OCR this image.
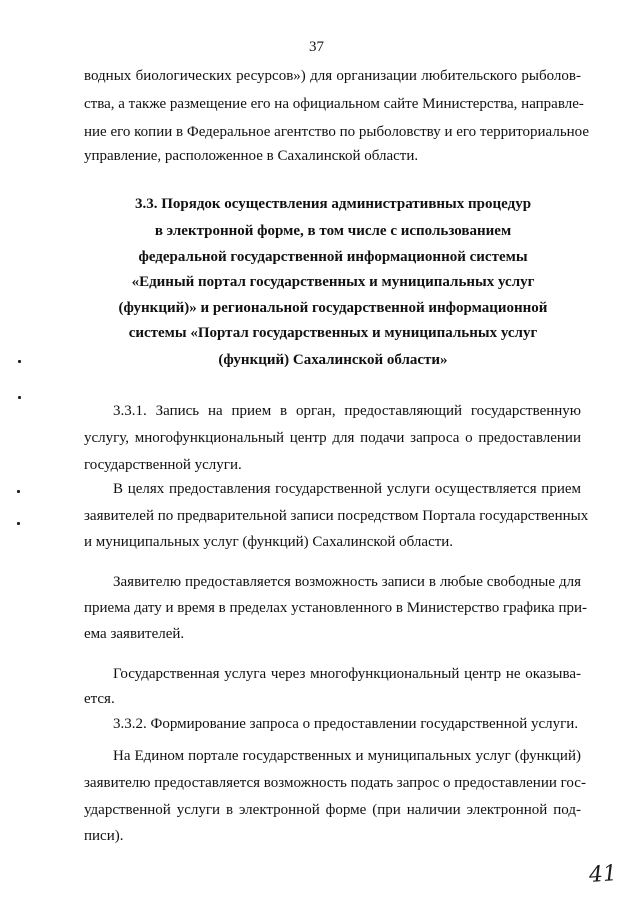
37
водных биологических ресурсов») для организации любительского рыболов-
ства, а также размещение его на официальном сайте Министерства, направле-
ние его копии в Федеральное агентство по рыболовству и его территориальное
управление, расположенное в Сахалинской области.
3.3. Порядок осуществления административных процедур
в электронной форме, в том числе с использованием
федеральной государственной информационной системы
«Единый портал государственных и муниципальных услуг
(функций)» и региональной государственной информационной
системы «Портал государственных и муниципальных услуг
(функций) Сахалинской области»
3.3.1. Запись на прием в орган, предоставляющий государственную
услугу, многофункциональный центр для подачи запроса о предоставлении
государственной услуги.
В целях предоставления государственной услуги осуществляется прием
заявителей по предварительной записи посредством Портала государственных
и муниципальных услуг (функций) Сахалинской области.
Заявителю предоставляется возможность записи в любые свободные для
приема дату и время в пределах установленного в Министерство графика при-
ема заявителей.
Государственная услуга через многофункциональный центр не оказыва-
ется.
3.3.2. Формирование запроса о предоставлении государственной услуги.
На Едином портале государственных и муниципальных услуг (функций)
заявителю предоставляется возможность подать запрос о предоставлении гос-
ударственной услуги в электронной форме (при наличии электронной под-
писи).
41
